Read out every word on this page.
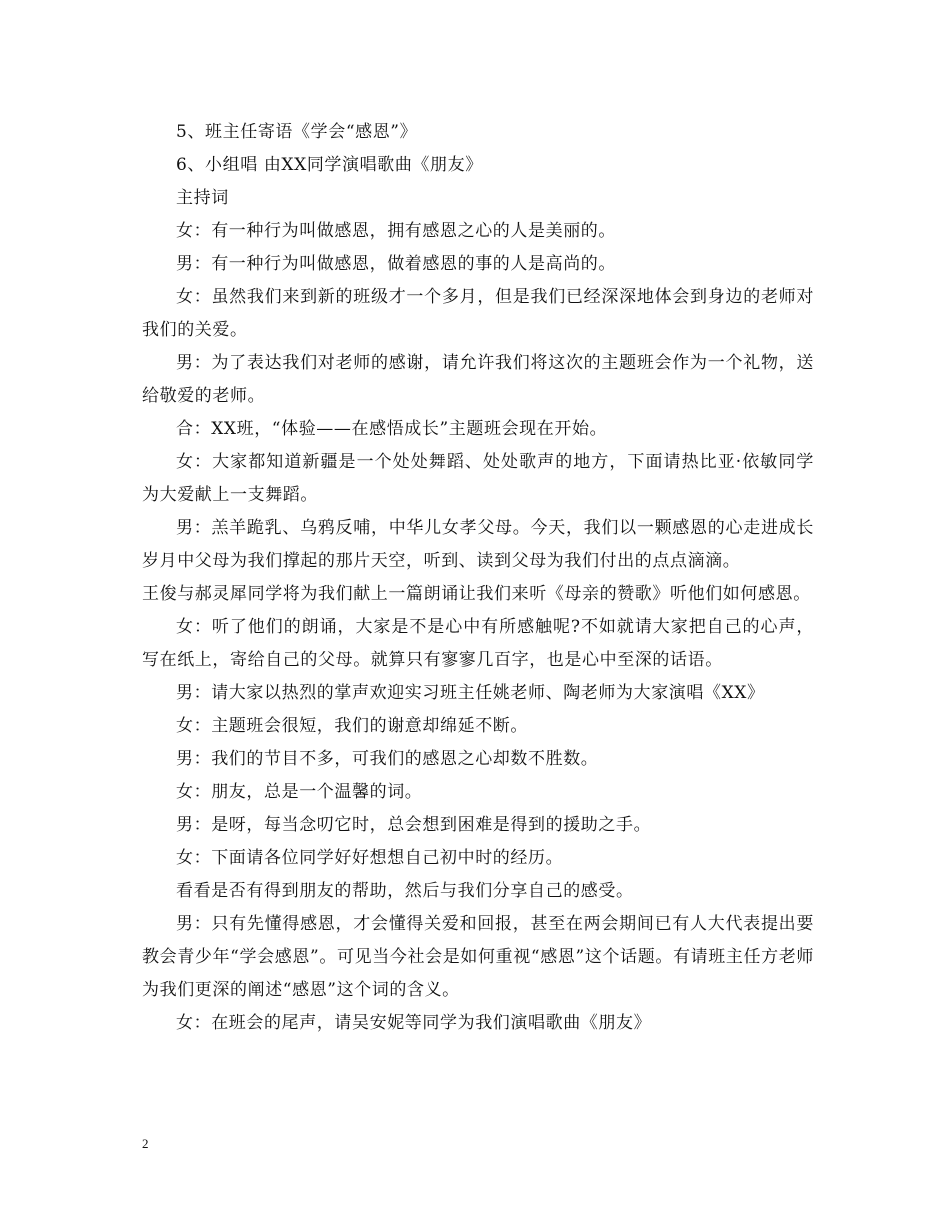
5、班主任寄语《学会“感恩”》

6、小组唱 由XX同学演唱歌曲《朋友》

主持词

女：有一种行为叫做感恩，拥有感恩之心的人是美丽的。

男：有一种行为叫做感恩，做着感恩的事的人是高尚的。

女：虽然我们来到新的班级才一个多月，但是我们已经深深地体会到身边的老师对我们的关爱。

男：为了表达我们对老师的感谢，请允许我们将这次的主题班会作为一个礼物，送给敬爱的老师。

合：XX班，“体验——在感悟成长”主题班会现在开始。

女：大家都知道新疆是一个处处舞蹈、处处歌声的地方，下面请热比亚·依敏同学为大爱献上一支舞蹈。

男：羔羊跪乳、乌鸦反哺，中华儿女孝父母。今天，我们以一颗感恩的心走进成长岁月中父母为我们撑起的那片天空，听到、读到父母为我们付出的点点滴滴。

王俊与郝灵犀同学将为我们献上一篇朗诵让我们来听《母亲的赞歌》听他们如何感恩。

女：听了他们的朗诵，大家是不是心中有所感触呢?不如就请大家把自己的心声，写在纸上，寄给自己的父母。就算只有寥寥几百字，也是心中至深的话语。

男：请大家以热烈的掌声欢迎实习班主任姚老师、陶老师为大家演唱《XX》

女：主题班会很短，我们的谢意却绵延不断。

男：我们的节目不多，可我们的感恩之心却数不胜数。

女：朋友，总是一个温馨的词。

男：是呀，每当念叨它时，总会想到困难是得到的援助之手。

女：下面请各位同学好好想想自己初中时的经历。

看看是否有得到朋友的帮助，然后与我们分享自己的感受。

男：只有先懂得感恩，才会懂得关爱和回报，甚至在两会期间已有人大代表提出要教会青少年“学会感恩”。可见当今社会是如何重视“感恩”这个话题。有请班主任方老师为我们更深的阐述“感恩”这个词的含义。

女：在班会的尾声，请吴安妮等同学为我们演唱歌曲《朋友》

2
